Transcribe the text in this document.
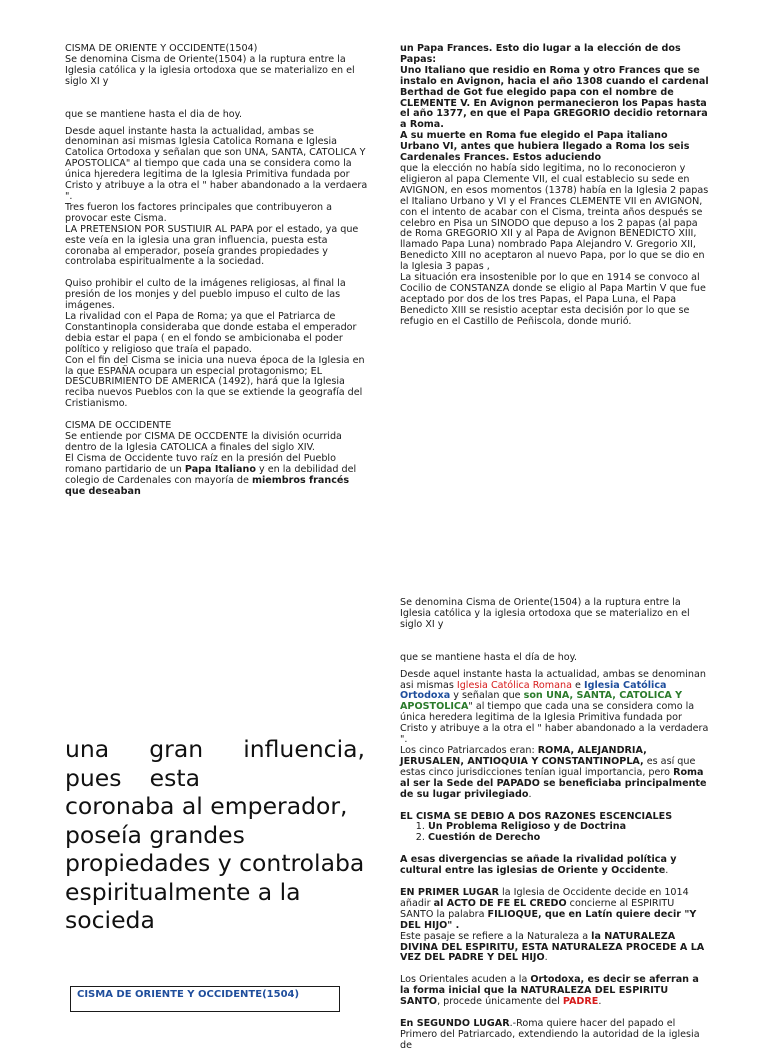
CISMA DE ORIENTE Y OCCIDENTE(1504)

Se denomina Cisma de Oriente(1504) a la ruptura entre la Iglesia católica y la iglesia ortodoxa que se materializo en el siglo XI y

que se mantiene hasta el dia de hoy.

Desde aquel instante hasta la actualidad, ambas se denominan asi mismas Iglesia Catolica Romana e Iglesia Catolica Ortodoxa y señalan que son UNA, SANTA, CATOLICA Y APOSTOLICA" al tiempo que cada una se considera como la única hjeredera legitima de la Iglesia Primitiva fundada por Cristo y atribuye a la otra el " haber abandonado a la verdaera ".

Tres fueron los factores principales que contribuyeron a provocar este Cisma.

LA PRETENSION POR SUSTIUIR AL PAPA por el estado, ya que este veía en la iglesia una gran influencia, puesta esta coronaba al emperador, poseía grandes propiedades y controlaba espiritualmente a la sociedad.

Quiso prohibir el culto de la imágenes religiosas, al final la presión de los monjes y del pueblo impuso el culto de las imágenes.

La rivalidad con el Papa de Roma; ya que el Patriarca de Constantinopla consideraba que donde estaba el emperador debia estar el papa ( en el fondo se ambicionaba el poder político y religioso que traía el papado.

Con el fin del Cisma se inicia una nueva época de la Iglesia en la que ESPAÑA ocupara un especial protagonismo; EL DESCUBRIMIENTO DE AMERICA (1492), hará que la Iglesia reciba nuevos Pueblos con la que se extiende la geografía del Cristianismo.

CISMA DE OCCIDENTE

Se entiende por CISMA DE OCCDENTE la división ocurrida dentro de la Iglesia CATOLICA a finales del siglo XIV.

El Cisma de Occidente tuvo raíz en la presión del Pueblo romano partidario de un Papa Italiano y en la debilidad del colegio de Cardenales con mayoría de miembros francés que deseaban

un Papa Frances. Esto dio lugar a la elección de dos Papas:

Uno Italiano que residio en Roma y otro Frances que se instalo en Avignon, hacia el año 1308 cuando el cardenal Berthad de Got fue elegido papa con el nombre de CLEMENTE V. En Avignon permanecieron los Papas hasta el año 1377, en que el Papa GREGORIO decidio retornara a Roma.

A su muerte en Roma fue elegido el Papa italiano Urbano VI, antes que hubiera llegado a Roma los seis Cardenales Frances. Estos aduciendo

que la elección no había sido legitima, no lo reconocieron y eligieron al papa Clemente VII, el cual establecio su sede en AVIGNON, en esos momentos (1378) había en la Iglesia 2 papas el Italiano Urbano y VI y el Frances CLEMENTE VII en AVIGNON, con el intento de acabar con el Cisma, treinta años después se celebro en Pisa un SINODO que depuso a los 2 papas (al papa de Roma GREGORIO XII y al Papa de Avignon BENEDICTO XIII, llamado Papa Luna) nombrado Papa Alejandro V. Gregorio XII, Benedicto XIII no aceptaron al nuevo Papa, por lo que se dio en la Iglesia 3 papas ,

La situación era insostenible por lo que en 1914 se convoco al Cocilio de CONSTANZA donde se eligio al Papa Martin V que fue aceptado por dos de los tres Papas, el Papa Luna, el Papa Benedicto XIII se resistio aceptar esta decisión por lo que se refugio en el Castillo de Peñiscola, donde murió.

Se denomina Cisma de Oriente(1504) a la ruptura entre la Iglesia católica y la iglesia ortodoxa que se materializo en el siglo XI y

que se mantiene hasta el día de hoy.

Desde aquel instante hasta la actualidad, ambas se denominan asi mismas Iglesia Católica Romana e Iglesia Católica Ortodoxa y señalan que son UNA, SANTA, CATOLICA Y APOSTOLICA" al tiempo que cada una se considera como la única heredera legitima de la Iglesia Primitiva fundada por Cristo y atribuye a la otra el " haber abandonado a la verdadera ".

Los cinco Patriarcados eran: ROMA, ALEJANDRIA, JERUSALEN, ANTIOQUIA Y CONSTANTINOPLA, es así que estas cinco jurisdicciones tenían igual importancia, pero Roma al ser la Sede del PAPADO se beneficiaba principalmente de su lugar privilegiado.

EL CISMA SE DEBIO A DOS RAZONES ESCENCIALES

1. Un Problema Religioso y de Doctrina
2. Cuestión de Derecho

A esas divergencias se añade la rivalidad política y cultural entre las iglesias de Oriente y Occidente.

EN PRIMER LUGAR la Iglesia de Occidente decide en 1014 añadir al ACTO DE FE EL CREDO concierne al ESPIRITU SANTO la palabra FILIOQUE, que en Latín quiere decir "Y DEL HIJO" .

Este pasaje se refiere a la Naturaleza a la NATURALEZA DIVINA DEL ESPIRITU, ESTA NATURALEZA PROCEDE A LA VEZ DEL PADRE Y DEL HIJO.

Los Orientales acuden a la Ortodoxa, es decir se aferran a la forma inicial que la NATURALEZA DEL ESPIRITU SANTO, procede únicamente del PADRE.

En SEGUNDO LUGAR.-Roma quiere hacer del papado el Primero del Patriarcado, extendiendo la autoridad de la iglesia de

una gran influencia,
pues esta
coronaba al emperador, poseía grandes propiedades y controlaba espiritualmente a la socieda
CISMA DE ORIENTE Y OCCIDENTE(1504)
